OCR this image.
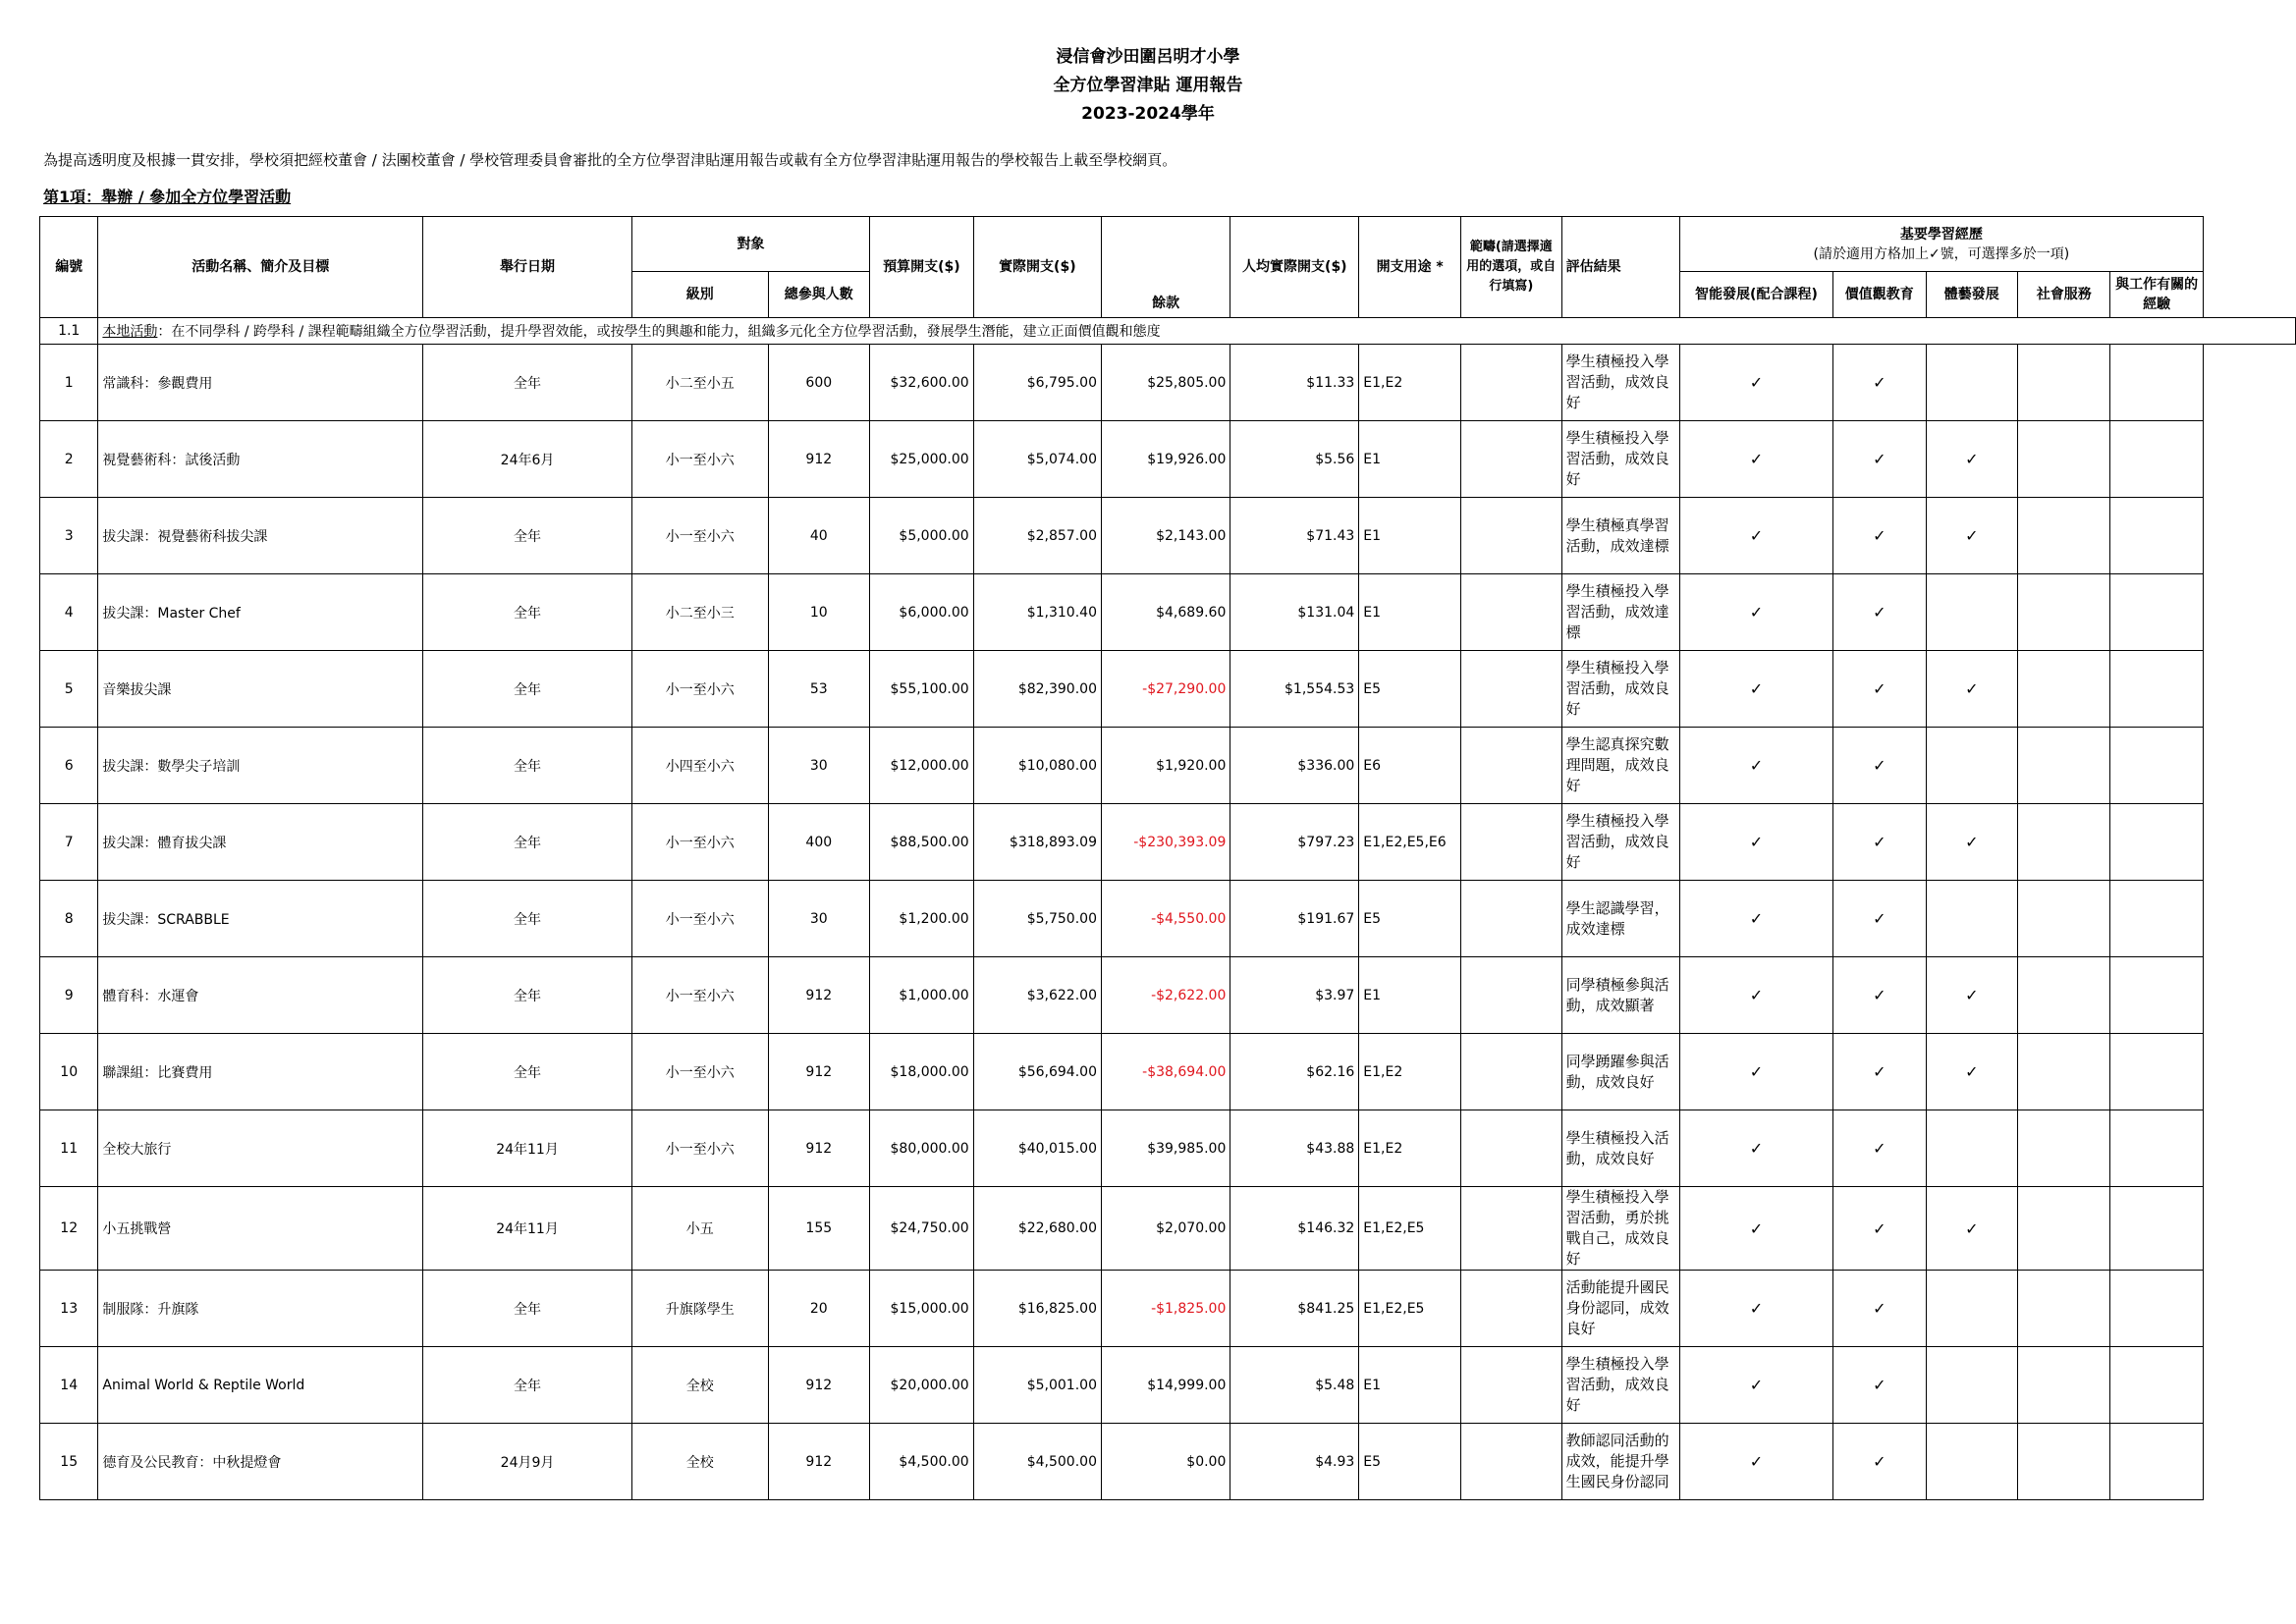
浸信會沙田圍呂明才小學
全方位學習津貼 運用報告
2023-2024學年
為提高透明度及根據一貫安排，學校須把經校董會 / 法團校董會 / 學校管理委員會審批的全方位學習津貼運用報告或載有全方位學習津貼運用報告的學校報告上載至學校網頁。
第1項：舉辦 / 參加全方位學習活動
編號	活動名稱、簡介及目標	舉行日期	對象		預算開支($)	實際開支($)	餘款	人均實際開支($)	開支用途 *	範疇(請選擇適用的選項，或自行填寫)	評估結果	基要學習經歷
(請於適用方格加上✓號，可選擇多於一項)				

			級別	總參與人數								智能發展(配合課程)	價值觀教育	體藝發展	社會服務	與工作有關的經驗
1.1	本地活動：在不同學科 / 跨學科 / 課程範疇組織全方位學習活動，提升學習效能，或按學生的興趣和能力，組織多元化全方位學習活動，發展學生潛能，建立正面價值觀和態度															
1	常識科：參觀費用	全年	小二至小五	600	$32,600.00	$6,795.00	$25,805.00	$11.33	E1,E2		學生積極投入學習活動，成效良好	✓	✓			
2	視覺藝術科：試後活動	24年6月	小一至小六	912	$25,000.00	$5,074.00	$19,926.00	$5.56	E1		學生積極投入學習活動，成效良好	✓	✓	✓		
3	拔尖課：視覺藝術科拔尖課	全年	小一至小六	40	$5,000.00	$2,857.00	$2,143.00	$71.43	E1		學生積極真學習活動，成效達標	✓	✓	✓		
4	拔尖課：Master Chef	全年	小二至小三	10	$6,000.00	$1,310.40	$4,689.60	$131.04	E1		學生積極投入學習活動，成效達標	✓	✓			
5	音樂拔尖課	全年	小一至小六	53	$55,100.00	$82,390.00	-$27,290.00	$1,554.53	E5		學生積極投入學習活動，成效良好	✓	✓	✓		
6	拔尖課：數學尖子培訓	全年	小四至小六	30	$12,000.00	$10,080.00	$1,920.00	$336.00	E6		學生認真探究數理問題，成效良好	✓	✓			
7	拔尖課：體育拔尖課	全年	小一至小六	400	$88,500.00	$318,893.09	-$230,393.09	$797.23	E1,E2,E5,E6		學生積極投入學習活動，成效良好	✓	✓	✓		
8	拔尖課：SCRABBLE	全年	小一至小六	30	$1,200.00	$5,750.00	-$4,550.00	$191.67	E5		學生認識學習，成效達標	✓	✓			
9	體育科：水運會	全年	小一至小六	912	$1,000.00	$3,622.00	-$2,622.00	$3.97	E1		同學積極參與活動，成效顯著	✓	✓	✓		
10	聯課組：比賽費用	全年	小一至小六	912	$18,000.00	$56,694.00	-$38,694.00	$62.16	E1,E2		同學踴躍參與活動，成效良好	✓	✓	✓		
11	全校大旅行	24年11月	小一至小六	912	$80,000.00	$40,015.00	$39,985.00	$43.88	E1,E2		學生積極投入活動，成效良好	✓	✓			
12	小五挑戰營	24年11月	小五	155	$24,750.00	$22,680.00	$2,070.00	$146.32	E1,E2,E5		學生積極投入學習活動，勇於挑戰自己，成效良好	✓	✓	✓		
13	制服隊：升旗隊	全年	升旗隊學生	20	$15,000.00	$16,825.00	-$1,825.00	$841.25	E1,E2,E5		活動能提升國民身份認同，成效良好	✓	✓			
14	Animal World & Reptile World	全年	全校	912	$20,000.00	$5,001.00	$14,999.00	$5.48	E1		學生積極投入學習活動，成效良好	✓	✓			
15	德育及公民教育：中秋提燈會	24月9月	全校	912	$4,500.00	$4,500.00	$0.00	$4.93	E5		教師認同活動的成效，能提升學生國民身份認同	✓	✓			
